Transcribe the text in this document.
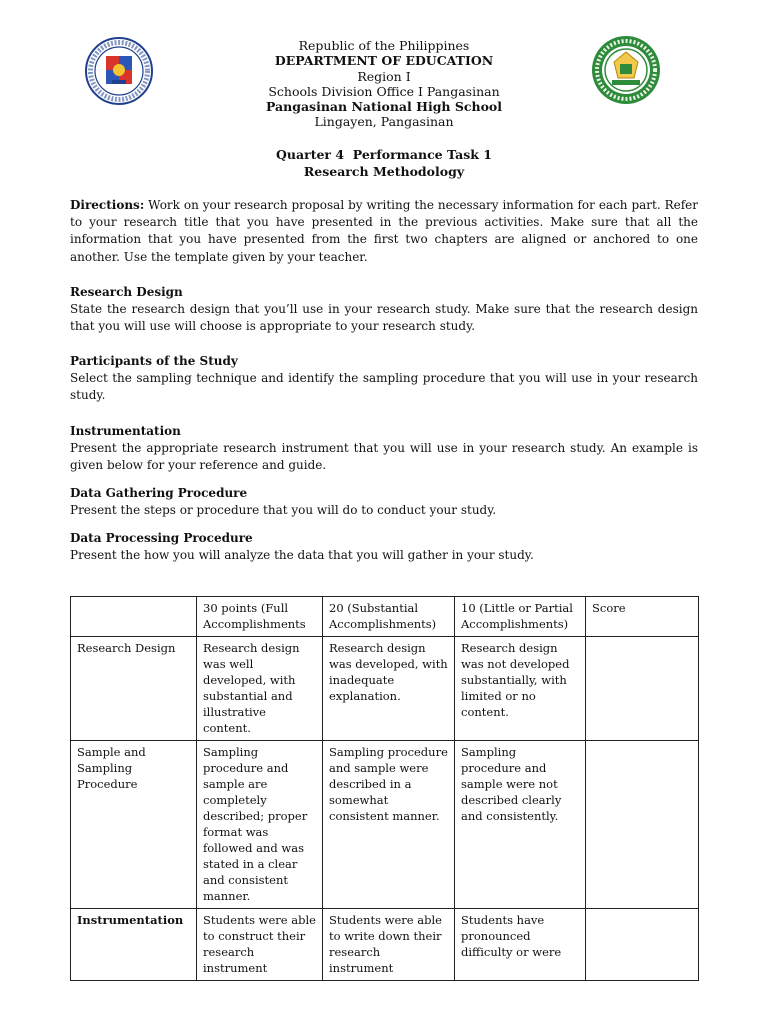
Republic of the Philippines
DEPARTMENT OF EDUCATION
Region I
Schools Division Office I Pangasinan
Pangasinan National High School
Lingayen, Pangasinan
Quarter 4  Performance Task 1
Research Methodology
Directions: Work on your research proposal by writing the necessary information for each part. Refer to your research title that you have presented in the previous activities. Make sure that all the information that you have presented from the first two chapters are aligned or anchored to one another. Use the template given by your teacher.
Research Design
State the research design that you’ll use in your research study. Make sure that the research design that you will use will choose is appropriate to your research study.
Participants of the Study
Select the sampling technique and identify the sampling procedure that you will use in your research study.
Instrumentation
Present the appropriate research instrument that you will use in your research study. An example is given below for your reference and guide.
Data Gathering Procedure
Present the steps or procedure that you will do to conduct your study.
Data Processing Procedure
Present the how you will analyze the data that you will gather in your study.
	30 points (Full Accomplishments	20 (Substantial Accomplishments)	10 (Little or Partial Accomplishments)	Score
Research Design	Research design was well developed, with substantial and illustrative content.	Research design was developed, with inadequate explanation.	Research design was not developed substantially, with limited or no content.	
Sample and Sampling Procedure	Sampling procedure and sample are completely described; proper format was followed and was stated in a clear and consistent manner.	Sampling procedure and sample were described in a somewhat consistent manner.	Sampling procedure and sample were not described clearly and consistently.	
Instrumentation	Students were able to construct their research instrument	Students were able to write down their research instrument	Students have pronounced difficulty or were	
